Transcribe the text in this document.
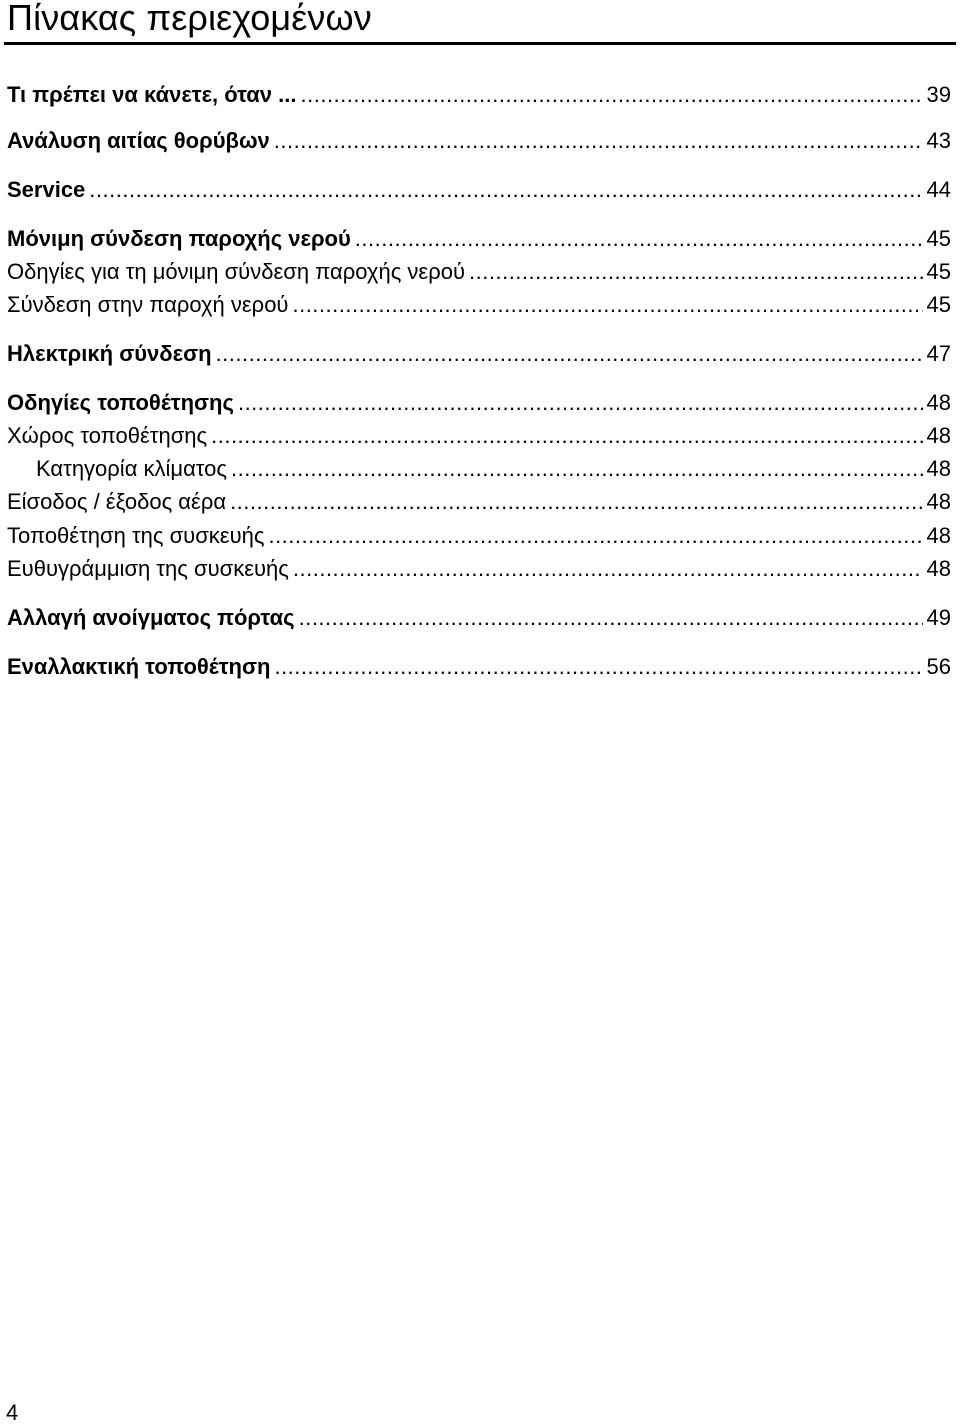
Πίνακας περιεχομένων
Τι πρέπει να κάνετε, όταν ... .....	39
Ανάλυση αιτίας θορύβων .....	43
Service .....	44
Μόνιμη σύνδεση παροχής νερού .....	45
Οδηγίες για τη μόνιμη σύνδεση παροχής νερού .....	45
Σύνδεση στην παροχή νερού .....	45
Ηλεκτρική σύνδεση .....	47
Οδηγίες τοποθέτησης .....	48
Χώρος τοποθέτησης .....	48
Κατηγορία κλίματος .....	48
Είσοδος / έξοδος αέρα .....	48
Τοποθέτηση της συσκευής .....	48
Ευθυγράμμιση της συσκευής .....	48
Αλλαγή ανοίγματος πόρτας .....	49
Εναλλακτική τοποθέτηση .....	56
4
